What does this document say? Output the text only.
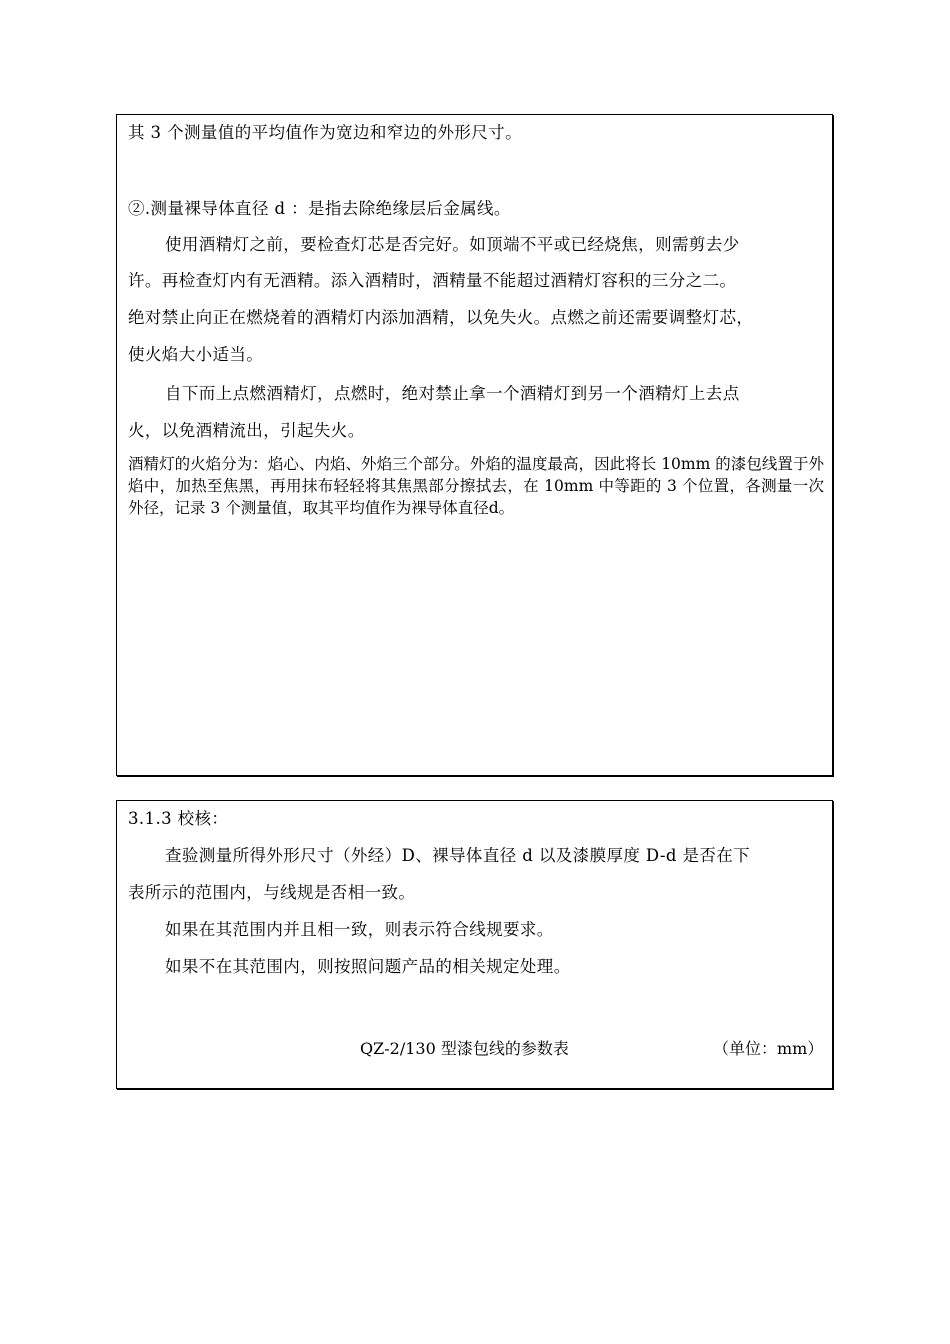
其 3 个测量值的平均值作为宽边和窄边的外形尺寸。

②.测量裸导体直径 d ：是指去除绝缘层后金属线。

使用酒精灯之前，要检查灯芯是否完好。如顶端不平或已经烧焦，则需剪去少

许。再检查灯内有无酒精。添入酒精时，酒精量不能超过酒精灯容积的三分之二。

绝对禁止向正在燃烧着的酒精灯内添加酒精，以免失火。点燃之前还需要调整灯芯，

使火焰大小适当。

自下而上点燃酒精灯，点燃时，绝对禁止拿一个酒精灯到另一个酒精灯上去点

火，以免酒精流出，引起失火。

酒精灯的火焰分为：焰心、内焰、外焰三个部分。外焰的温度最高，因此将长 10mm 的漆包线置于外焰中，加热至焦黑，再用抹布轻轻将其焦黑部分擦拭去，在 10mm 中等距的 3 个位置，各测量一次外径，记录 3 个测量值，取其平均值作为裸导体直径d。

3.1.3 校核：

查验测量所得外形尺寸（外经）D、裸导体直径 d 以及漆膜厚度 D-d 是否在下

表所示的范围内，与线规是否相一致。

如果在其范围内并且相一致，则表示符合线规要求。

如果不在其范围内，则按照问题产品的相关规定处理。

QZ-2/130 型漆包线的参数表	（单位：mm）
